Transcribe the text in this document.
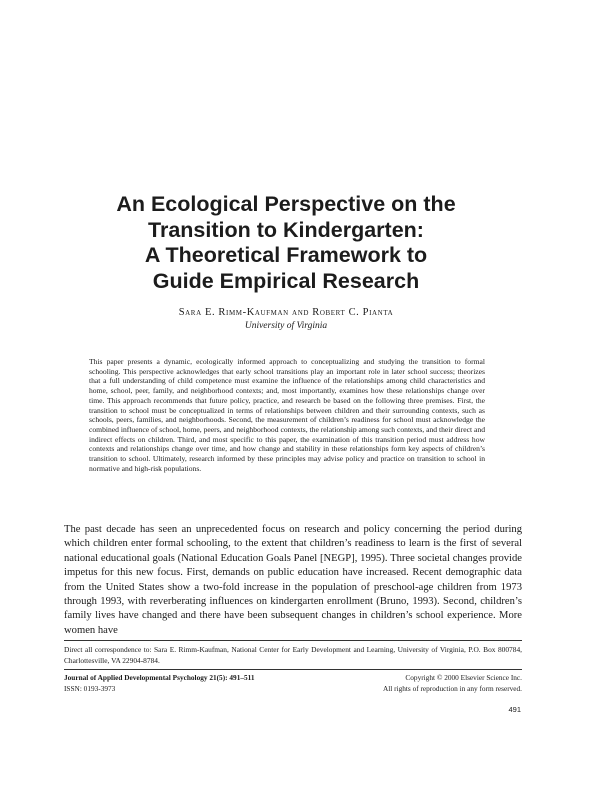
An Ecological Perspective on the
Transition to Kindergarten:
A Theoretical Framework to
Guide Empirical Research
Sara E. Rimm-Kaufman and Robert C. Pianta
University of Virginia

This paper presents a dynamic, ecologically informed approach to conceptualizing and studying the transition to formal schooling. This perspective acknowledges that early school transitions play an important role in later school success; theorizes that a full understanding of child competence must examine the influence of the relationships among child characteristics and home, school, peer, family, and neighborhood contexts; and, most importantly, examines how these relationships change over time. This approach recommends that future policy, practice, and research be based on the following three premises. First, the transition to school must be conceptualized in terms of relationships between children and their surrounding contexts, such as schools, peers, families, and neighborhoods. Second, the measurement of children’s readiness for school must acknowledge the combined influence of school, home, peers, and neighborhood contexts, the relationship among such contexts, and their direct and indirect effects on children. Third, and most specific to this paper, the examination of this transition period must address how contexts and relationships change over time, and how change and stability in these relationships form key aspects of children’s transition to school. Ultimately, research informed by these principles may advise policy and practice on transition to school in normative and high-risk populations.

The past decade has seen an unprecedented focus on research and policy concerning the period during which children enter formal schooling, to the extent that children’s readiness to learn is the first of several national educational goals (National Education Goals Panel [NEGP], 1995). Three societal changes provide impetus for this new focus. First, demands on public education have increased. Recent demographic data from the United States show a two-fold increase in the population of preschool-age children from 1973 through 1993, with reverberating influences on kindergarten enrollment (Bruno, 1993). Second, children’s family lives have changed and there have been subsequent changes in children’s school experience. More women have

Direct all correspondence to: Sara E. Rimm-Kaufman, National Center for Early Development and Learning, University of Virginia, P.O. Box 800784, Charlottesville, VA 22904-8784.

Journal of Applied Developmental Psychology 21(5): 491–511	Copyright © 2000 Elsevier Science Inc.
ISSN: 0193-3973	All rights of reproduction in any form reserved.
491
